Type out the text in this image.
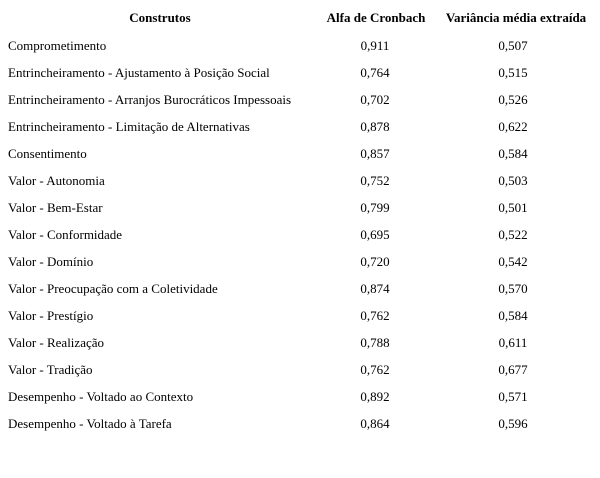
Construtos	Alfa de Cronbach	Variância média extraída
Comprometimento	0,911	0,507
Entrincheiramento - Ajustamento à Posição Social	0,764	0,515
Entrincheiramento - Arranjos Burocráticos Impessoais	0,702	0,526
Entrincheiramento - Limitação de Alternativas	0,878	0,622
Consentimento	0,857	0,584
Valor - Autonomia	0,752	0,503
Valor - Bem-Estar	0,799	0,501
Valor - Conformidade	0,695	0,522
Valor - Domínio	0,720	0,542
Valor - Preocupação com a Coletividade	0,874	0,570
Valor - Prestígio	0,762	0,584
Valor - Realização	0,788	0,611
Valor - Tradição	0,762	0,677
Desempenho - Voltado ao Contexto	0,892	0,571
Desempenho - Voltado à Tarefa	0,864	0,596
